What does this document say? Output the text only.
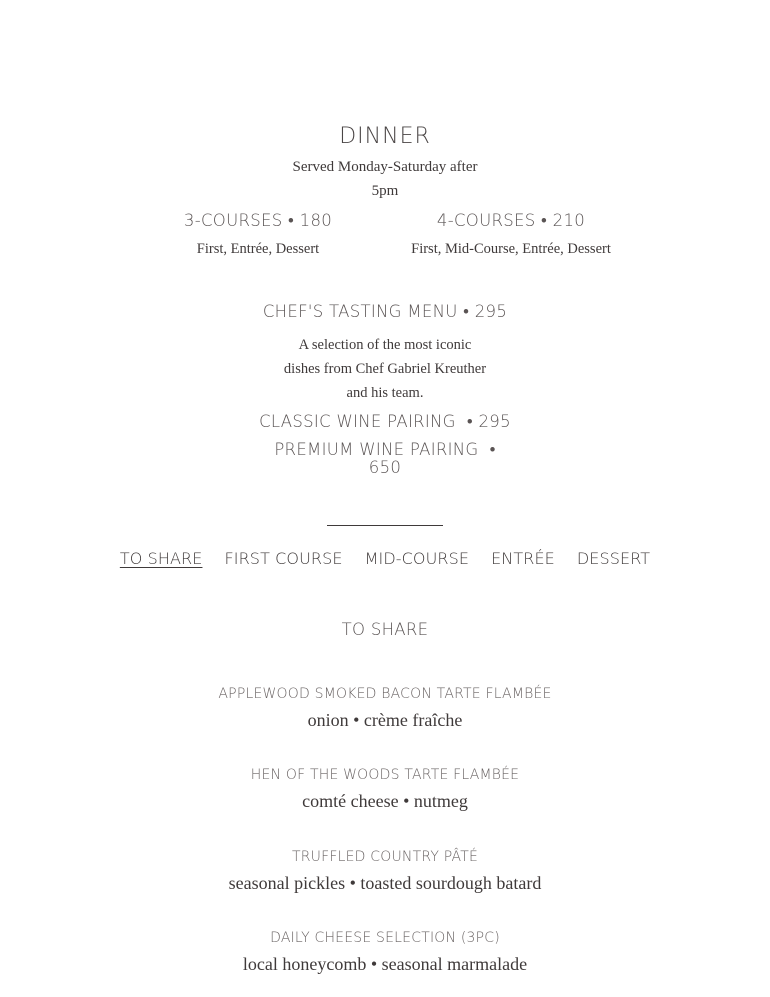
DINNER
Served Monday-Saturday after
5pm
3-COURSES • 180
First, Entrée, Dessert
4-COURSES • 210
First, Mid-Course, Entrée, Dessert
CHEF'S TASTING MENU • 295
A selection of the most iconic
dishes from Chef Gabriel Kreuther
and his team.
CLASSIC WINE PAIRING  • 295
PREMIUM WINE PAIRING  •
650
TO SHARE FIRST COURSE MID-COURSE ENTRÉE DESSERT
TO SHARE
APPLEWOOD SMOKED BACON TARTE FLAMBÉE
onion • crème fraîche
HEN OF THE WOODS TARTE FLAMBÉE
comté cheese • nutmeg
TRUFFLED COUNTRY PÂTÉ
seasonal pickles • toasted sourdough batard
DAILY CHEESE SELECTION (3PC)
local honeycomb • seasonal marmalade
